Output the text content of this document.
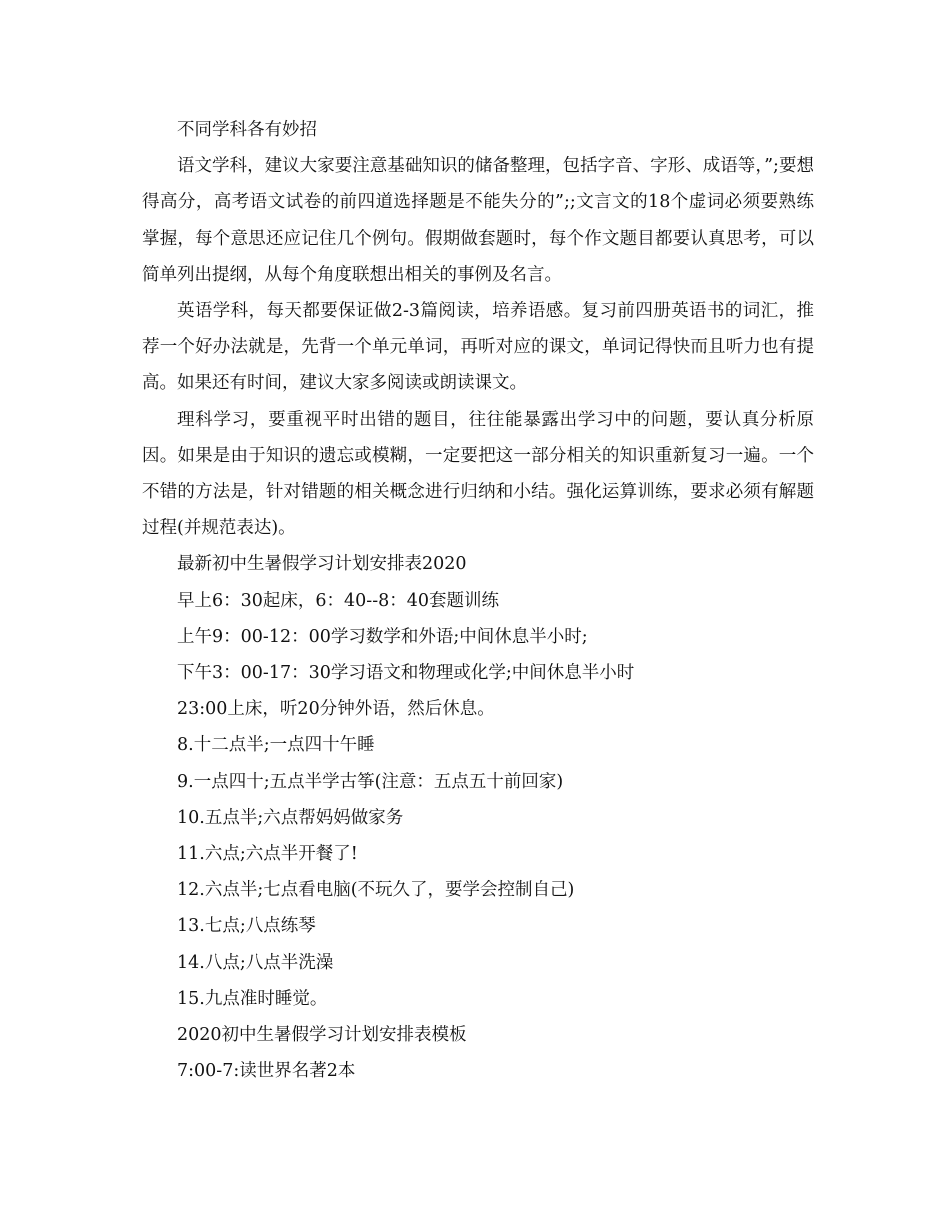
不同学科各有妙招

语文学科，建议大家要注意基础知识的储备整理，包括字音、字形、成语等，”;要想得高分，高考语文试卷的前四道选择题是不能失分的”;;文言文的18个虚词必须要熟练掌握，每个意思还应记住几个例句。假期做套题时，每个作文题目都要认真思考，可以简单列出提纲，从每个角度联想出相关的事例及名言。

英语学科，每天都要保证做2-3篇阅读，培养语感。复习前四册英语书的词汇，推荐一个好办法就是，先背一个单元单词，再听对应的课文，单词记得快而且听力也有提高。如果还有时间，建议大家多阅读或朗读课文。

理科学习，要重视平时出错的题目，往往能暴露出学习中的问题，要认真分析原因。如果是由于知识的遗忘或模糊，一定要把这一部分相关的知识重新复习一遍。一个不错的方法是，针对错题的相关概念进行归纳和小结。强化运算训练，要求必须有解题过程(并规范表达)。

最新初中生暑假学习计划安排表2020

早上6：30起床，6：40--8：40套题训练

上午9：00-12：00学习数学和外语;中间休息半小时;

下午3：00-17：30学习语文和物理或化学;中间休息半小时

23:00上床，听20分钟外语，然后休息。

8.十二点半;一点四十午睡

9.一点四十;五点半学古筝(注意：五点五十前回家)

10.五点半;六点帮妈妈做家务

11.六点;六点半开餐了!

12.六点半;七点看电脑(不玩久了，要学会控制自己)

13.七点;八点练琴

14.八点;八点半洗澡

15.九点准时睡觉。

2020初中生暑假学习计划安排表模板

7:00-7:读世界名著2本
